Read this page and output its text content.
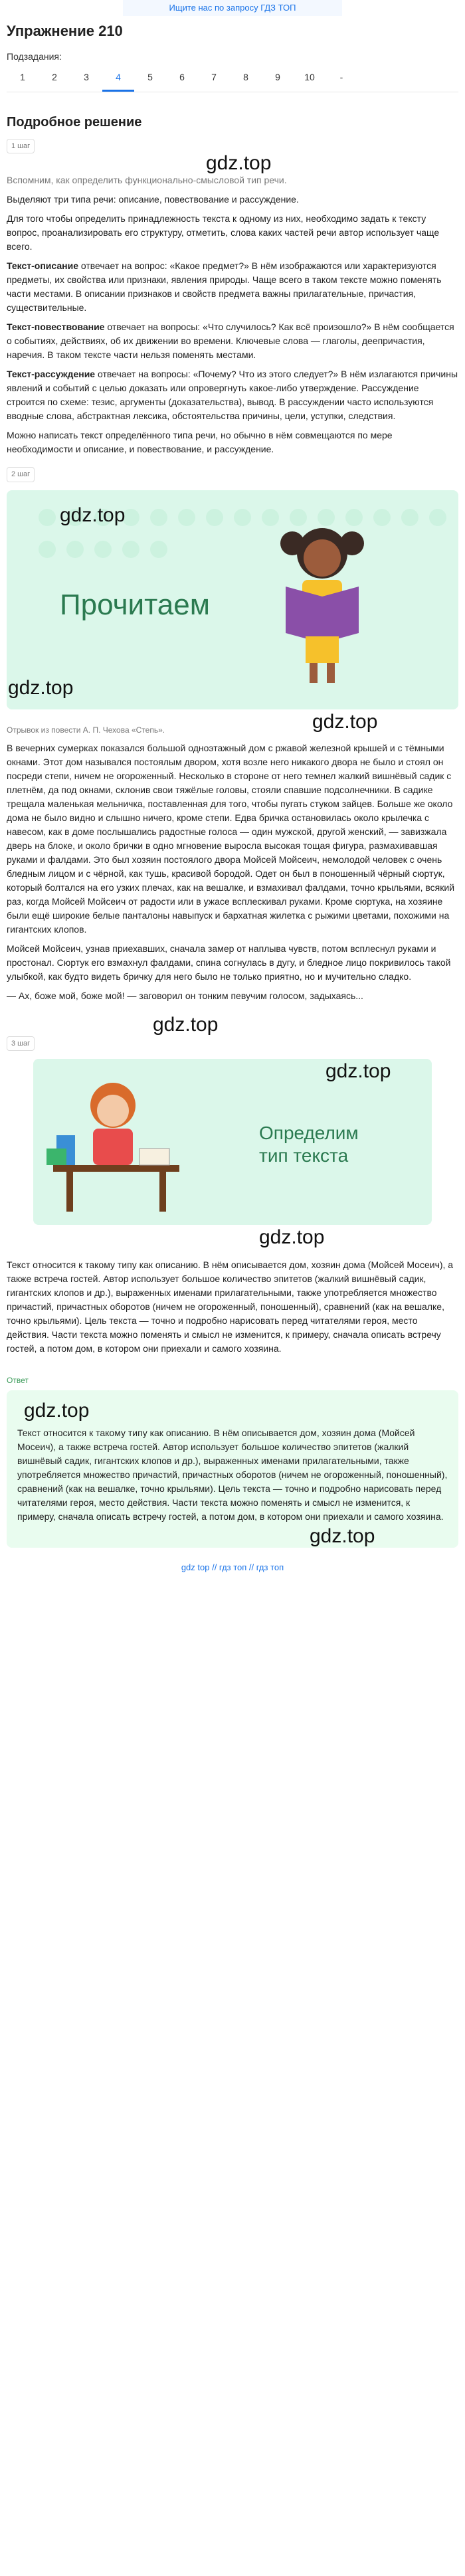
Ищите нас по запросу ГДЗ ТОП
Упражнение 210
Подзадания:
1	2	3	4	5	6	7	8	9	10	-
Подробное решение
1 шаг
gdz.top

Вспомним, как определить функционально-смысловой тип речи.

Выделяют три типа речи: описание, повествование и рассуждение.

Для того чтобы определить принадлежность текста к одному из них, необходимо задать к тексту вопрос, проанализировать его структуру, отметить, слова каких частей речи автор использует чаще всего.

Текст-описание отвечает на вопрос: «Какое предмет?» В нём изображаются или характеризуются предметы, их свойства или признаки, явления природы. Чаще всего в таком тексте можно поменять части местами. В описании признаков и свойств предмета важны прилагательные, причастия, существительные.

Текст-повествование отвечает на вопросы: «Что случилось? Как всё произошло?» В нём сообщается о событиях, действиях, об их движении во времени. Ключевые слова — глаголы, деепричастия, наречия. В таком тексте части нельзя поменять местами.

Текст-рассуждение отвечает на вопросы: «Почему? Что из этого следует?» В нём излагаются причины явлений и событий с целью доказать или опровергнуть какое-либо утверждение. Рассуждение строится по схеме: тезис, аргументы (доказательства), вывод. В рассуждении часто используются вводные слова, абстрактная лексика, обстоятельства причины, цели, уступки, следствия.

Можно написать текст определённого типа речи, но обычно в нём совмещаются по мере необходимости и описание, и повествование, и рассуждение.

2 шаг
Прочитаем
gdz.top
gdz.top
gdz.top

Отрывок из повести А. П. Чехова «Степь».

В вечерних сумерках показался большой одноэтажный дом с ржавой железной крышей и с тёмными окнами. Этот дом назывался постоялым двором, хотя возле него никакого двора не было и стоял он посреди степи, ничем не огороженный. Несколько в стороне от него темнел жалкий вишнёвый садик с плетнём, да под окнами, склонив свои тяжёлые головы, стояли спавшие подсолнечники. В садике трещала маленькая мельничка, поставленная для того, чтобы пугать стуком зайцев. Больше же около дома не было видно и слышно ничего, кроме степи. Едва бричка остановилась около крылечка с навесом, как в доме послышались радостные голоса — один мужской, другой женский, — завизжала дверь на блоке, и около брички в одно мгновение выросла высокая тощая фигура, размахивавшая руками и фалдами. Это был хозяин постоялого двора Мойсей Мойсеич, немолодой человек с очень бледным лицом и с чёрной, как тушь, красивой бородой. Одет он был в поношенный чёрный сюртук, который болтался на его узких плечах, как на вешалке, и взмахивал фалдами, точно крыльями, всякий раз, когда Мойсей Мойсеич от радости или в ужасе всплескивал руками. Кроме сюртука, на хозяине были ещё широкие белые панталоны навыпуск и бархатная жилетка с рыжими цветами, похожими на гигантских клопов.

Мойсей Мойсеич, узнав приехавших, сначала замер от наплыва чувств, потом всплеснул руками и простонал. Сюртук его взмахнул фалдами, спина согнулась в дугу, и бледное лицо покривилось такой улыбкой, как будто видеть бричку для него было не только приятно, но и мучительно сладко.

— Ах, боже мой, боже мой! — заговорил он тонким певучим голосом, задыхаясь...

gdz.top
3 шаг
Определим тип текста
gdz.top
gdz.top

Текст относится к такому типу как описанию. В нём описывается дом, хозяин дома (Мойсей Мосеич), а также встреча гостей. Автор использует большое количество эпитетов (жалкий вишнёвый садик, гигантских клопов и др.), выраженных именами прилагательными, также употребляется множество причастий, причастных оборотов (ничем не огороженный, поношенный), сравнений (как на вешалке, точно крыльями). Цель текста — точно и подробно нарисовать перед читателями героя, место действия. Части текста можно поменять и смысл не изменится, к примеру, сначала описать встречу гостей, а потом дом, в котором они приехали и самого хозяина.

Ответ
gdz.top

Текст относится к такому типу как описанию. В нём описывается дом, хозяин дома (Мойсей Мосеич), а также встреча гостей. Автор использует большое количество эпитетов (жалкий вишнёвый садик, гигантских клопов и др.), выраженных именами прилагательными, также употребляется множество причастий, причастных оборотов (ничем не огороженный, поношенный), сравнений (как на вешалке, точно крыльями). Цель текста — точно и подробно нарисовать перед читателями героя, место действия. Части текста можно поменять и смысл не изменится, к примеру, сначала описать встречу гостей, а потом дом, в котором они приехали и самого хозяина.

gdz.top
gdz top // гдз топ // гдз топ
